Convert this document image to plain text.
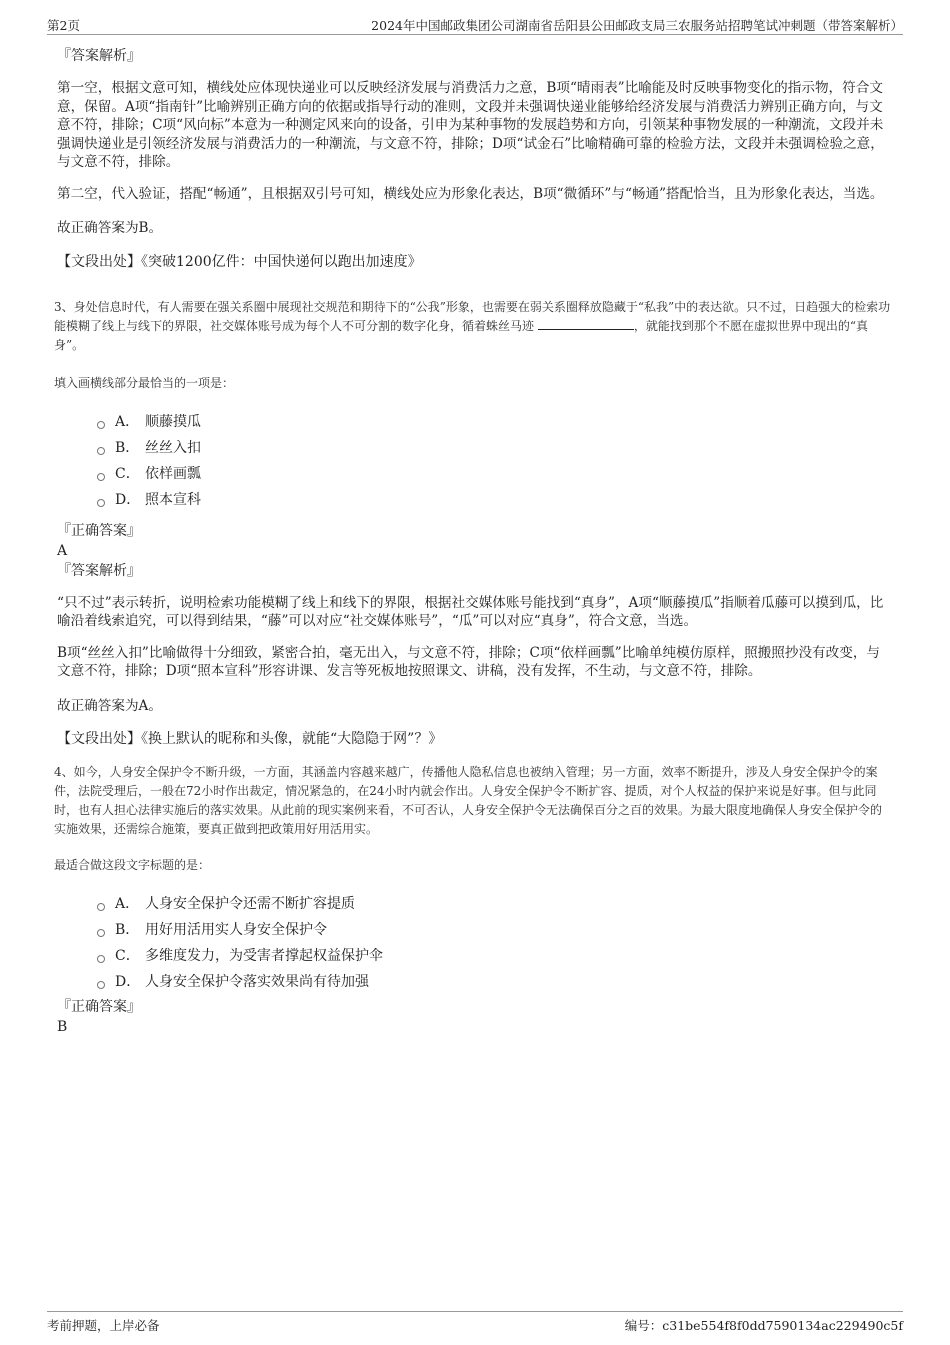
第2页	2024年中国邮政集团公司湖南省岳阳县公田邮政支局三农服务站招聘笔试冲刺题（带答案解析）

『答案解析』

第一空，根据文意可知，横线处应体现快递业可以反映经济发展与消费活力之意，B项“晴雨表”比喻能及时反映事物变化的指示物，符合文意，保留。A项“指南针”比喻辨别正确方向的依据或指导行动的准则，文段并未强调快递业能够给经济发展与消费活力辨别正确方向，与文意不符，排除；C项“风向标”本意为一种测定风来向的设备，引申为某种事物的发展趋势和方向，引领某种事物发展的一种潮流，文段并未强调快递业是引领经济发展与消费活力的一种潮流，与文意不符，排除；D项“试金石”比喻精确可靠的检验方法，文段并未强调检验之意，与文意不符，排除。

第二空，代入验证，搭配“畅通”，且根据双引号可知，横线处应为形象化表达，B项“微循环”与“畅通”搭配恰当，且为形象化表达，当选。

故正确答案为B。

【文段出处】《突破1200亿件：中国快递何以跑出加速度》

3、身处信息时代，有人需要在强关系圈中展现社交规范和期待下的“公我”形象，也需要在弱关系圈释放隐藏于“私我”中的表达欲。只不过，日趋强大的检索功能模糊了线上与线下的界限，社交媒体账号成为每个人不可分割的数字化身，循着蛛丝马迹	，就能找到那个不愿在虚拟世界中现出的“真身”。

填入画横线部分最恰当的一项是：

A． 顺藤摸瓜
B． 丝丝入扣
C． 依样画瓢
D． 照本宣科

『正确答案』

A

『答案解析』

“只不过”表示转折，说明检索功能模糊了线上和线下的界限，根据社交媒体账号能找到“真身”，A项“顺藤摸瓜”指顺着瓜藤可以摸到瓜，比喻沿着线索追究，可以得到结果，“藤”可以对应“社交媒体账号”，“瓜”可以对应“真身”，符合文意，当选。

B项“丝丝入扣”比喻做得十分细致，紧密合拍，毫无出入，与文意不符，排除；C项“依样画瓢”比喻单纯模仿原样，照搬照抄没有改变，与文意不符，排除；D项“照本宣科”形容讲课、发言等死板地按照课文、讲稿，没有发挥，不生动，与文意不符，排除。

故正确答案为A。

【文段出处】《换上默认的昵称和头像，就能“大隐隐于网”？》

4、如今，人身安全保护令不断升级，一方面，其涵盖内容越来越广，传播他人隐私信息也被纳入管理；另一方面，效率不断提升，涉及人身安全保护令的案件，法院受理后，一般在72小时作出裁定，情况紧急的，在24小时内就会作出。人身安全保护令不断扩容、提质，对个人权益的保护来说是好事。但与此同时，也有人担心法律实施后的落实效果。从此前的现实案例来看，不可否认，人身安全保护令无法确保百分之百的效果。为最大限度地确保人身安全保护令的实施效果，还需综合施策，要真正做到把政策用好用活用实。

最适合做这段文字标题的是：

A． 人身安全保护令还需不断扩容提质
B． 用好用活用实人身安全保护令
C． 多维度发力，为受害者撑起权益保护伞
D． 人身安全保护令落实效果尚有待加强

『正确答案』

B

考前押题，上岸必备	编号：c31be554f8f0dd7590134ac229490c5f
